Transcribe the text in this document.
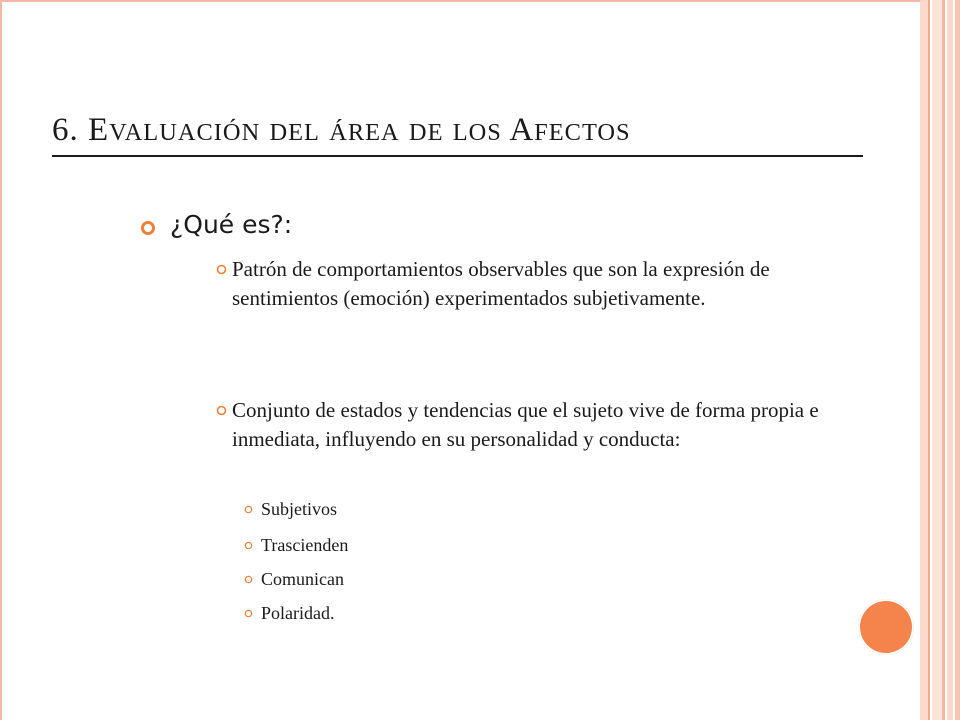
6. EVALUACIÓN DEL ÁREA DE LOS AFECTOS
¿Qué es?:
Patrón de comportamientos observables que son la expresión de sentimientos (emoción) experimentados subjetivamente.
Conjunto de estados y tendencias que el sujeto vive de forma propia e inmediata, influyendo en su personalidad y conducta:
Subjetivos
Trascienden
Comunican
Polaridad.
